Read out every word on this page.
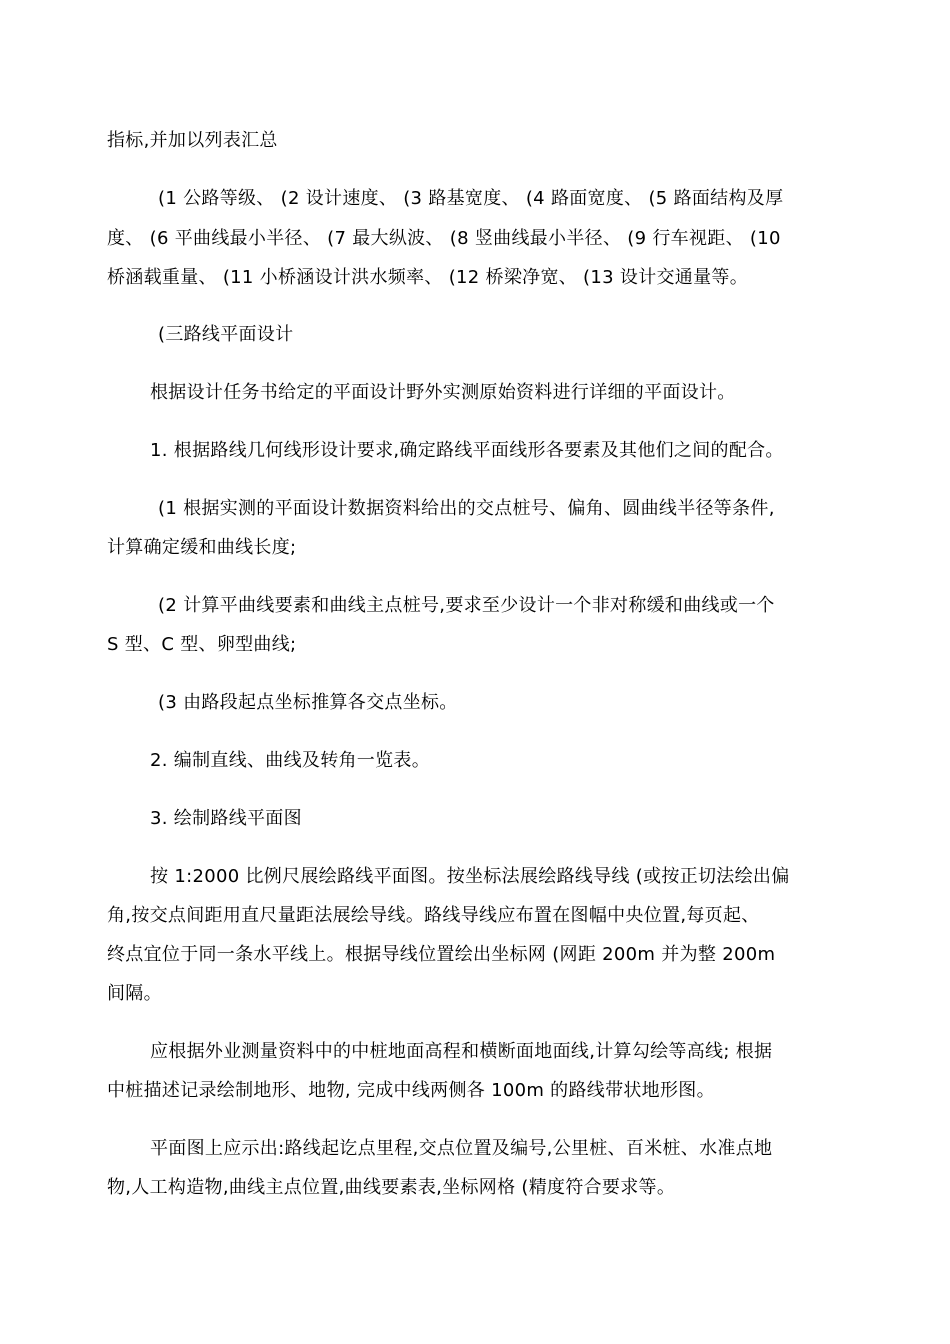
指标,并加以列表汇总
(1 公路等级、 (2 设计速度、 (3 路基宽度、 (4 路面宽度、 (5 路面结构及厚
度、 (6 平曲线最小半径、 (7 最大纵波、 (8 竖曲线最小半径、 (9 行车视距、 (10
桥涵载重量、 (11 小桥涵设计洪水频率、 (12 桥梁净宽、 (13 设计交通量等。
(三路线平面设计
根据设计任务书给定的平面设计野外实测原始资料进行详细的平面设计。
1. 根据路线几何线形设计要求,确定路线平面线形各要素及其他们之间的配合。
(1 根据实测的平面设计数据资料给出的交点桩号、偏角、圆曲线半径等条件,
计算确定缓和曲线长度;
(2 计算平曲线要素和曲线主点桩号,要求至少设计一个非对称缓和曲线或一个
S 型、C 型、卵型曲线;
(3 由路段起点坐标推算各交点坐标。
2. 编制直线、曲线及转角一览表。
3. 绘制路线平面图
按 1:2000 比例尺展绘路线平面图。按坐标法展绘路线导线 (或按正切法绘出偏
角,按交点间距用直尺量距法展绘导线。路线导线应布置在图幅中央位置,每页起、
终点宜位于同一条水平线上。根据导线位置绘出坐标网 (网距 200m 并为整 200m
间隔。
应根据外业测量资料中的中桩地面高程和横断面地面线,计算勾绘等高线; 根据
中桩描述记录绘制地形、地物, 完成中线两侧各 100m 的路线带状地形图。
平面图上应示出:路线起讫点里程,交点位置及编号,公里桩、百米桩、水准点地
物,人工构造物,曲线主点位置,曲线要素表,坐标网格 (精度符合要求等。
